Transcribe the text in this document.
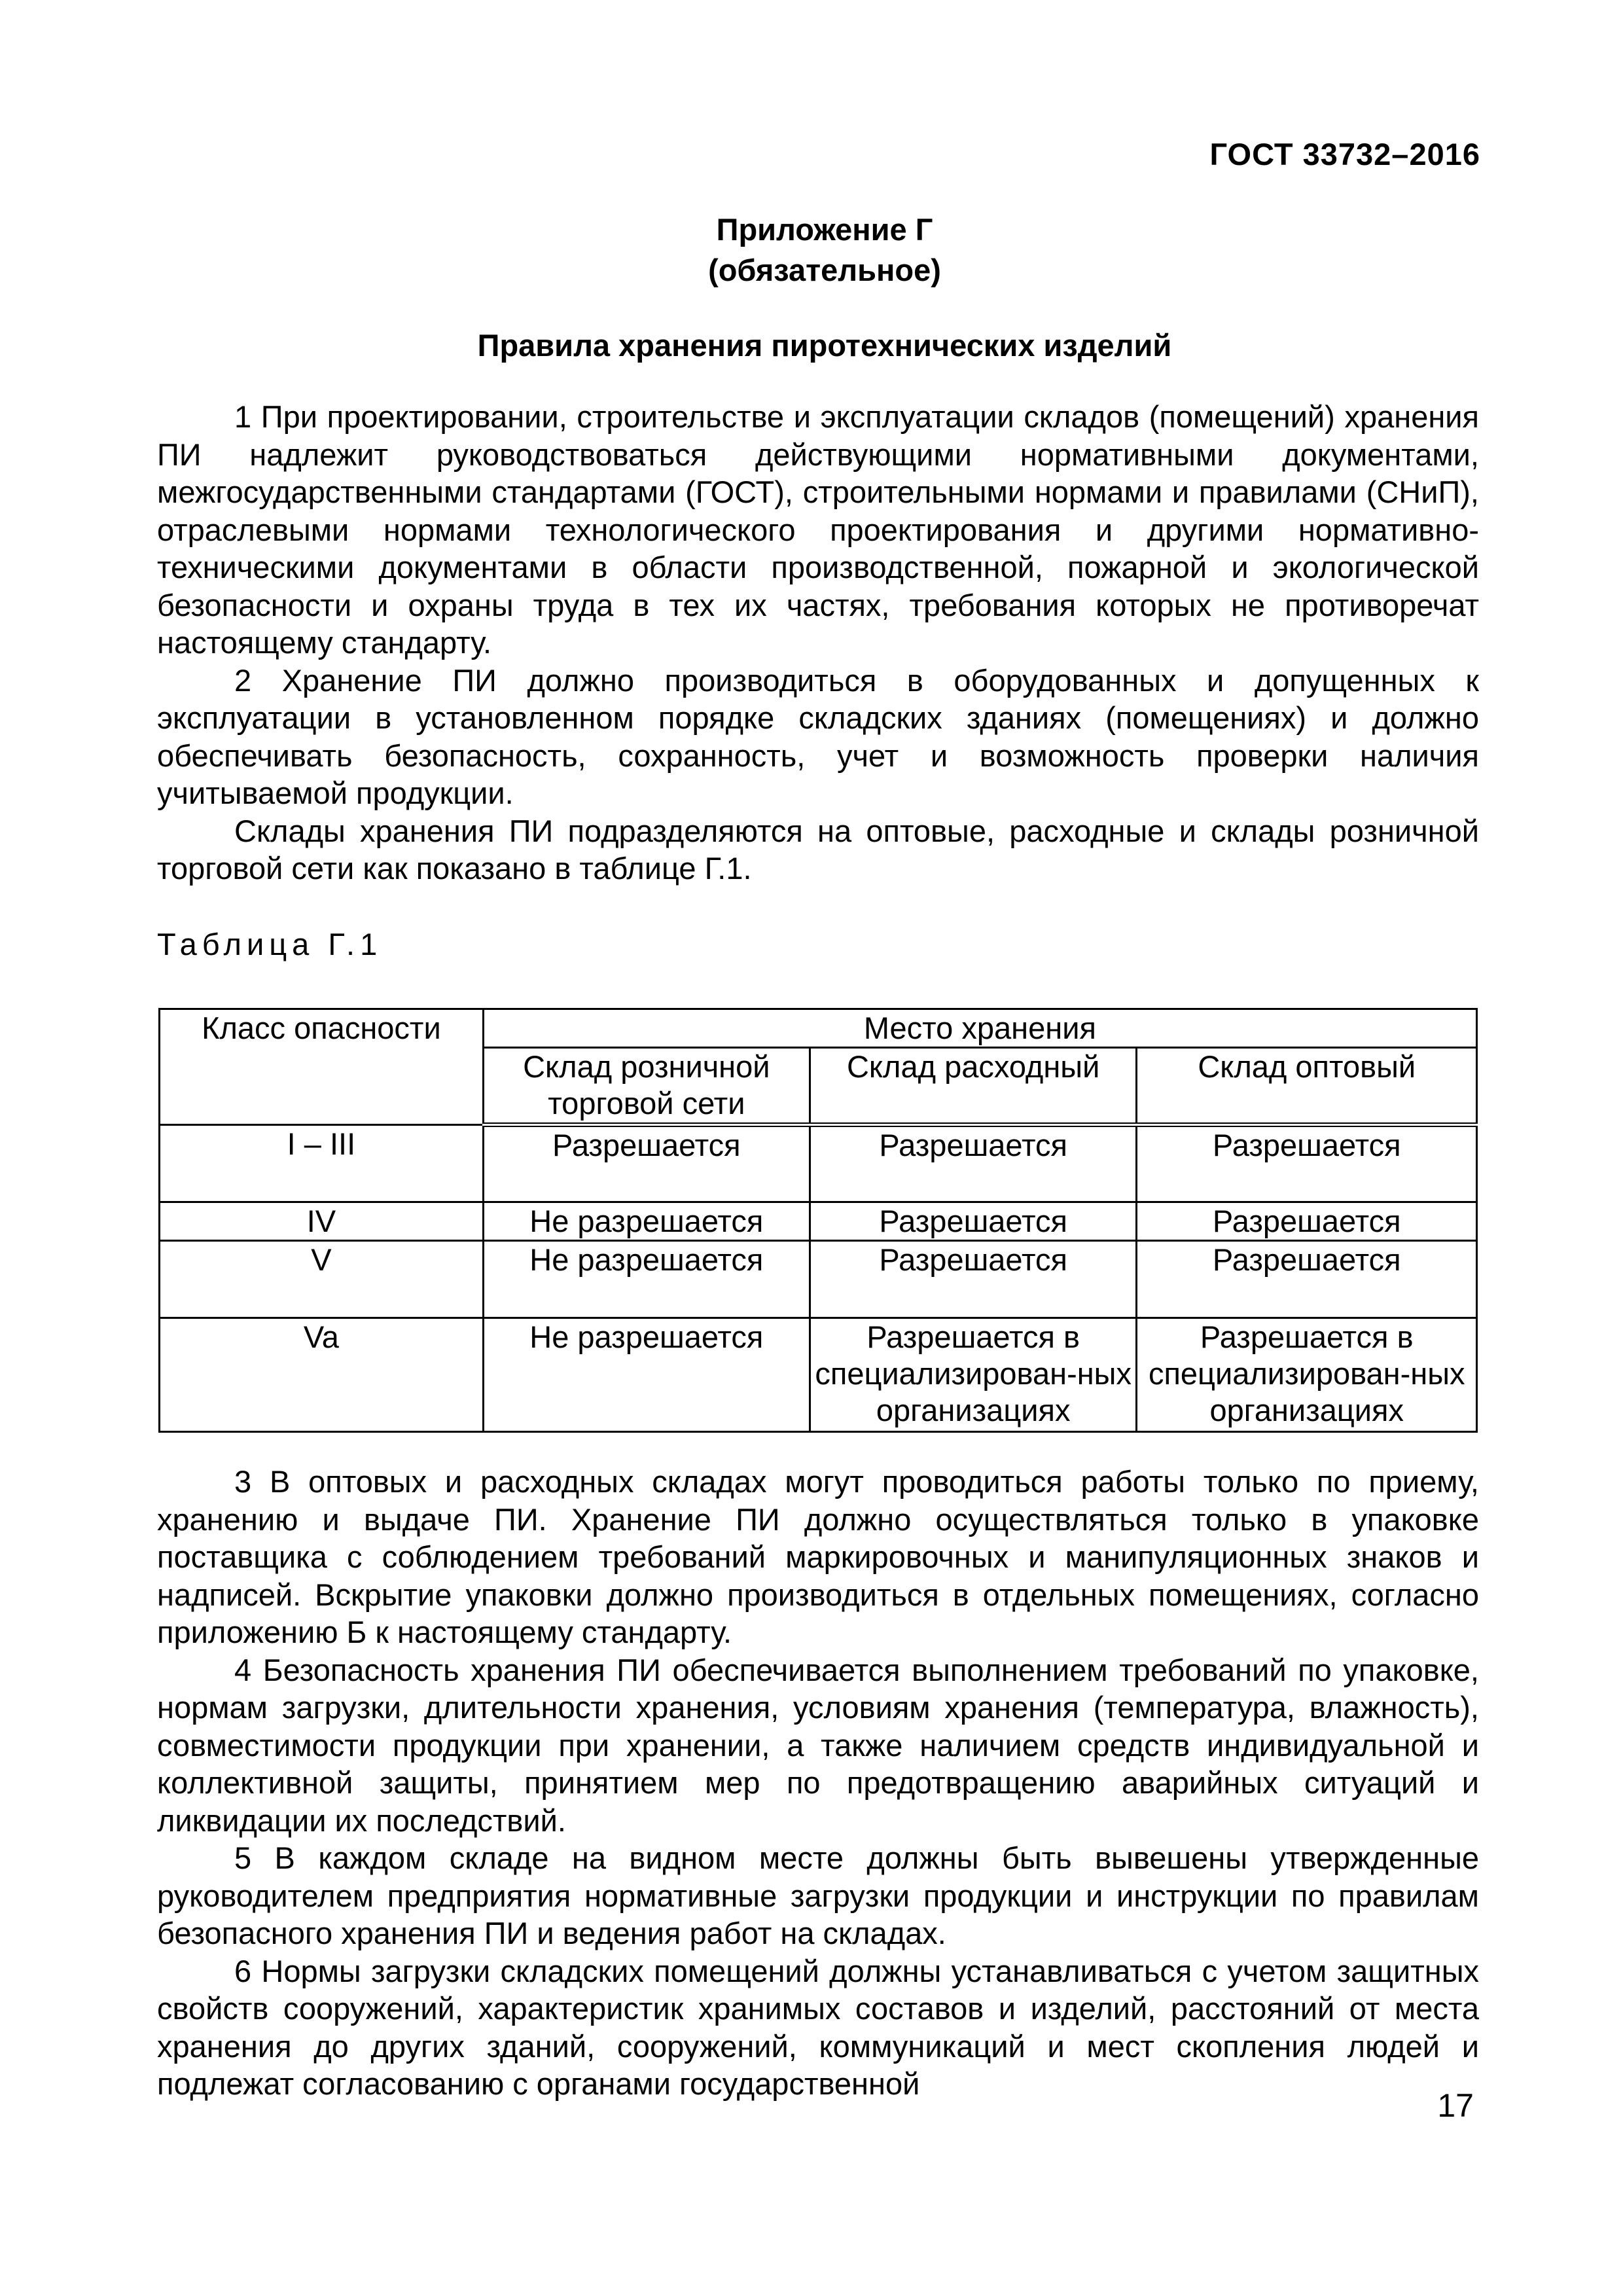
ГОСТ 33732–2016
Приложение Г
(обязательное)
Правила хранения пиротехнических изделий

1 При проектировании, строительстве и эксплуатации складов (помещений) хранения ПИ надлежит руководствоваться действующими нормативными документами, межгосударственными стандартами (ГОСТ), строительными нормами и правилами (СНиП), отраслевыми нормами технологического проектирования и другими нормативно-техническими документами в области производственной, пожарной и экологической безопасности и охраны труда в тех их частях, требования которых не противоречат настоящему стандарту.

2 Хранение ПИ должно производиться в оборудованных и допущенных к эксплуатации в установленном порядке складских зданиях (помещениях) и должно обеспечивать безопасность, сохранность, учет и возможность проверки наличия учитываемой продукции.

Склады хранения ПИ подразделяются на оптовые, расходные и склады розничной торговой сети как показано в таблице Г.1.

Таблица Г.1
Класс опасности	Место хранения		
	Склад розничной торговой сети	Склад расходный	Склад оптовый
I – III	Разрешается	Разрешается	Разрешается
IV	Не разрешается	Разрешается	Разрешается
V	Не разрешается	Разрешается	Разрешается
Va	Не разрешается	Разрешается в специализирован-ных организациях	Разрешается в специализирован-ных организациях

3 В оптовых и расходных складах могут проводиться работы только по приему, хранению и выдаче ПИ. Хранение ПИ должно осуществляться только в упаковке поставщика с соблюдением требований маркировочных и манипуляционных знаков и надписей. Вскрытие упаковки должно производиться в отдельных помещениях, согласно приложению Б к настоящему стандарту.

4 Безопасность хранения ПИ обеспечивается выполнением требований по упаковке, нормам загрузки, длительности хранения, условиям хранения (температура, влажность), совместимости продукции при хранении, а также наличием средств индивидуальной и коллективной защиты, принятием мер по предотвращению аварийных ситуаций и ликвидации их последствий.

5 В каждом складе на видном месте должны быть вывешены утвержденные руководителем предприятия нормативные загрузки продукции и инструкции по правилам безопасного хранения ПИ и ведения работ на складах.

6 Нормы загрузки складских помещений должны устанавливаться с учетом защитных свойств сооружений, характеристик хранимых составов и изделий, расстояний от места хранения до других зданий, сооружений, коммуникаций и мест скопления людей и подлежат согласованию с органами государственной

17
